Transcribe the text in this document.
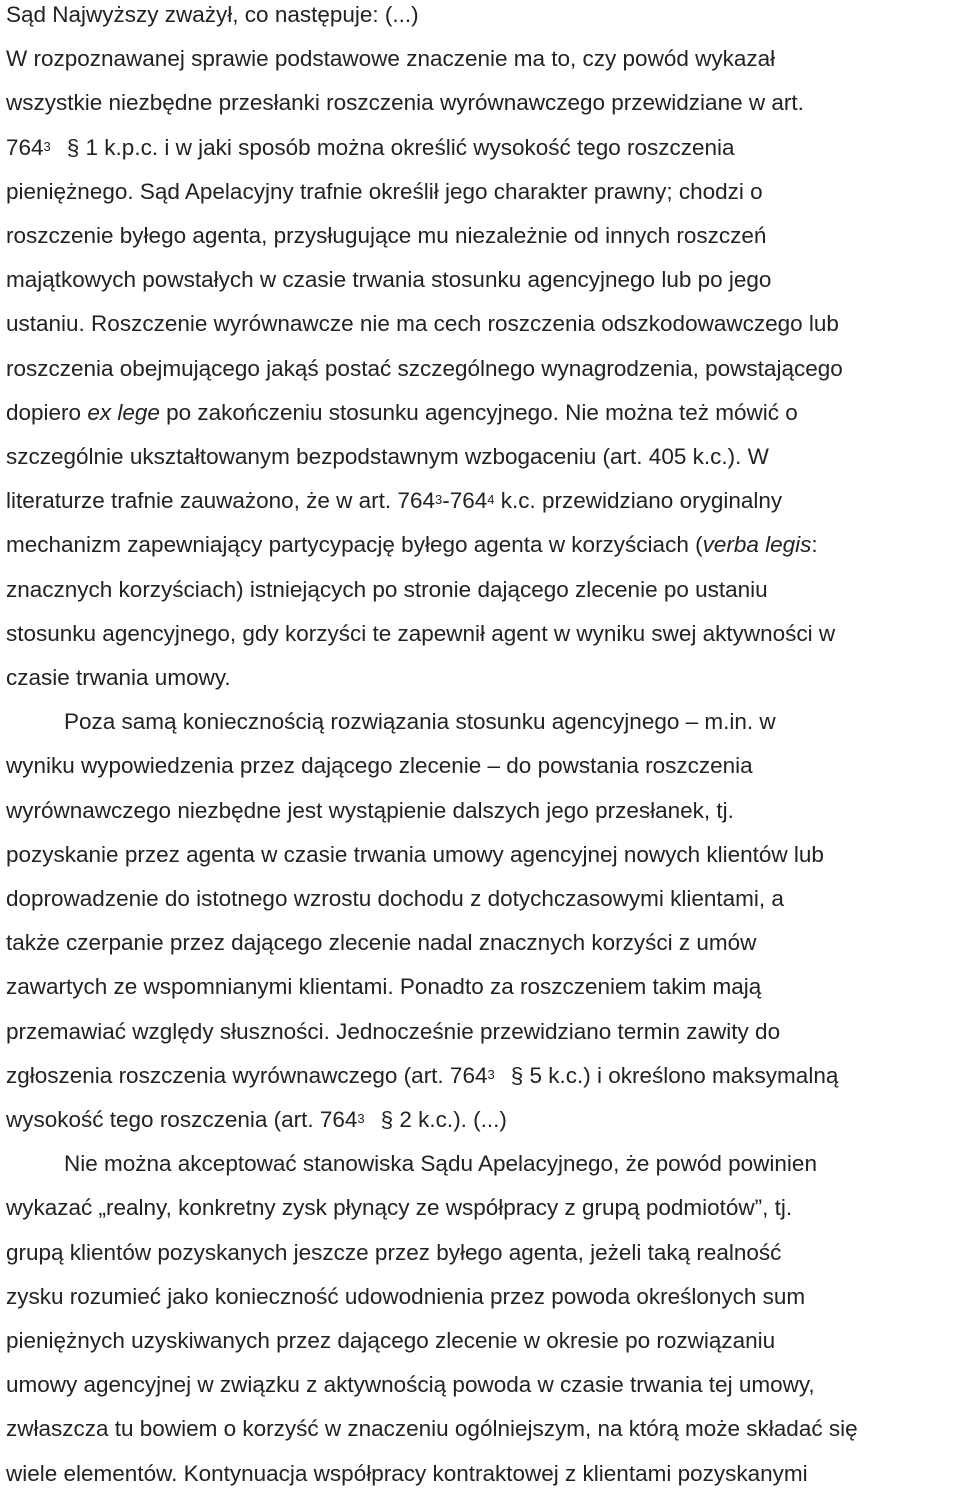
Sąd Najwyższy zważył, co następuje: (...)
W rozpoznawanej sprawie podstawowe znaczenie ma to, czy powód wykazał
wszystkie niezbędne przesłanki roszczenia wyrównawczego przewidziane w art.
$764^3$ § 1 k.p.c. i w jaki sposób można określić wysokość tego roszczenia
pieniężnego. Sąd Apelacyjny trafnie określił jego charakter prawny; chodzi o
roszczenie byłego agenta, przysługujące mu niezależnie od innych roszczeń
majątkowych powstałych w czasie trwania stosunku agencyjnego lub po jego
ustaniu. Roszczenie wyrównawcze nie ma cech roszczenia odszkodowawczego lub
roszczenia obejmującego jakąś postać szczególnego wynagrodzenia, powstającego
dopiero ex lege po zakończeniu stosunku agencyjnego. Nie można też mówić o
szczególnie ukształtowanym bezpodstawnym wzbogaceniu (art. 405 k.c.). W
literaturze trafnie zauważono, że w art. $764^3-764^4$ k.c. przewidziano oryginalny
mechanizm zapewniający partycypację byłego agenta w korzyściach (verba legis:
znacznych korzyściach) istniejących po stronie dającego zlecenie po ustaniu
stosunku agencyjnego, gdy korzyści te zapewnił agent w wyniku swej aktywności w
czasie trwania umowy.
Poza samą koniecznością rozwiązania stosunku agencyjnego – m.in. w
wyniku wypowiedzenia przez dającego zlecenie – do powstania roszczenia
wyrównawczego niezbędne jest wystąpienie dalszych jego przesłanek, tj.
pozyskanie przez agenta w czasie trwania umowy agencyjnej nowych klientów lub
doprowadzenie do istotnego wzrostu dochodu z dotychczasowymi klientami, a
także czerpanie przez dającego zlecenie nadal znacznych korzyści z umów
zawartych ze wspomnianymi klientami. Ponadto za roszczeniem takim mają
przemawiać względy słuszności. Jednocześnie przewidziano termin zawity do
zgłoszenia roszczenia wyrównawczego (art. $764^3$ § 5 k.c.) i określono maksymalną
wysokość tego roszczenia (art. $764^3$ § 2 k.c.). (...)
Nie można akceptować stanowiska Sądu Apelacyjnego, że powód powinien
wykazać „realny, konkretny zysk płynący ze współpracy z grupą podmiotów”, tj.
grupą klientów pozyskanych jeszcze przez byłego agenta, jeżeli taką realność
zysku rozumieć jako konieczność udowodnienia przez powoda określonych sum
pieniężnych uzyskiwanych przez dającego zlecenie w okresie po rozwiązaniu
umowy agencyjnej w związku z aktywnością powoda w czasie trwania tej umowy,
zwłaszcza tu bowiem o korzyść w znaczeniu ogólniejszym, na którą może składać się
wiele elementów. Kontynuacja współpracy kontraktowej z klientami pozyskanymi
